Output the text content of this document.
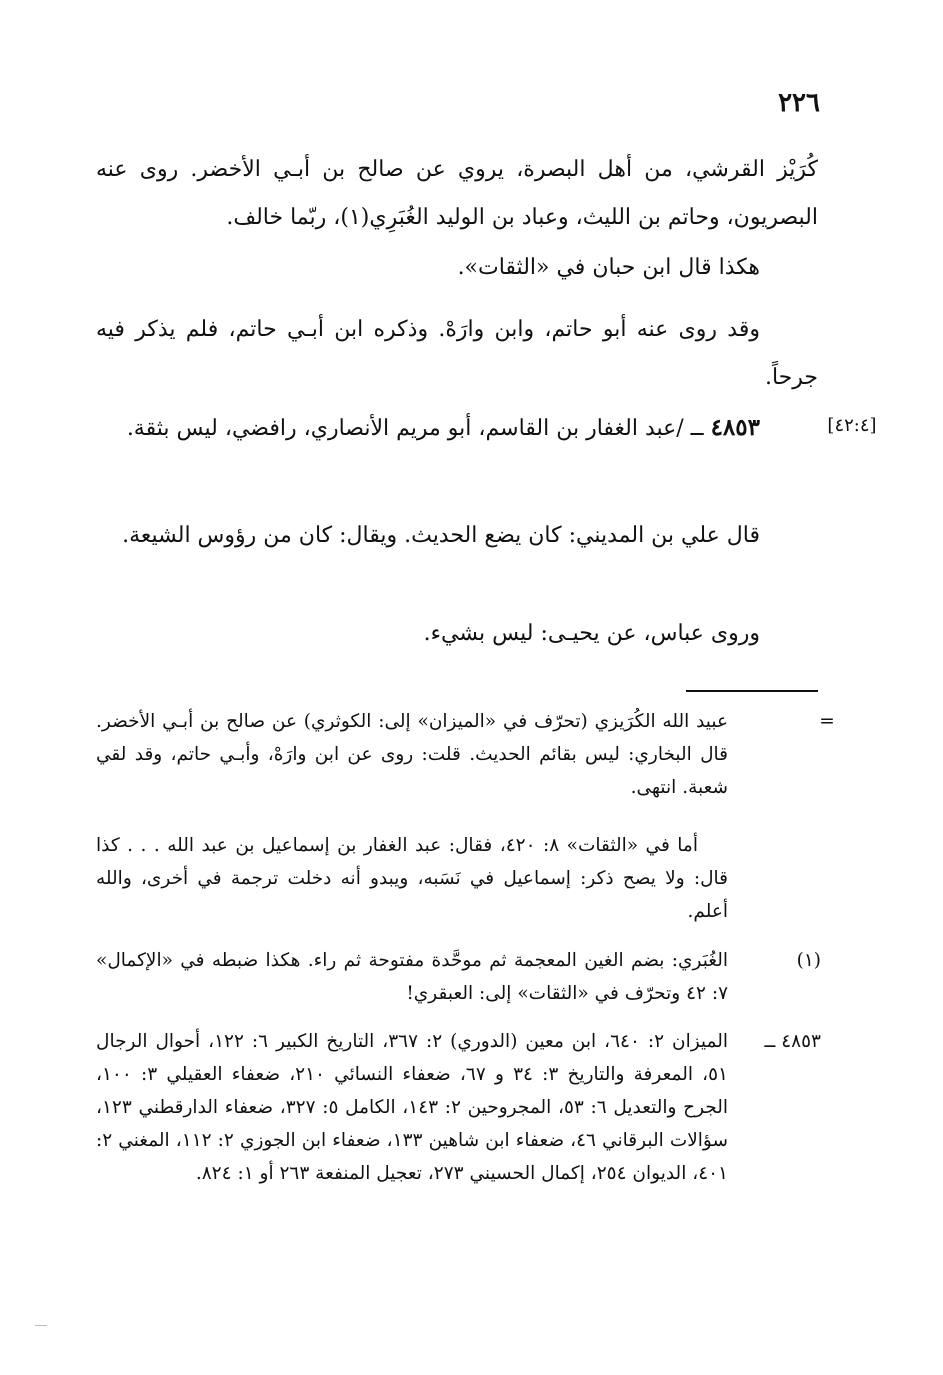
٢٢٦
كُرَيْز القرشي، من أهل البصرة، يروي عن صالح بن أبـي الأخضر. روى عنه البصريون، وحاتم بن الليث، وعباد بن الوليد الغُبَرِي(١)، ربّما خالف.
هكذا قال ابن حبان في «الثقات».
وقد روى عنه أبو حاتم، وابن وارَهْ. وذكره ابن أبـي حاتم، فلم يذكر فيه جرحاً.
[٤٢:٤]
٤٨٥٣ ــ /عبد الغفار بن القاسم، أبو مريم الأنصاري، رافضي، ليس بثقة.
قال علي بن المديني: كان يضع الحديث. ويقال: كان من رؤوس الشيعة.
وروى عباس، عن يحيـى: ليس بشيء.
=
عبيد الله الكُرَيزي (تحرّف في «الميزان» إلى: الكوثري) عن صالح بن أبـي الأخضر. قال البخاري: ليس بقائم الحديث. قلت: روى عن ابن وارَهْ، وأبـي حاتم، وقد لقي شعبة. انتهى.
أما في «الثقات» ٨: ٤٢٠، فقال: عبد الغفار بن إسماعيل بن عبد الله . . . كذا قال: ولا يصح ذكر: إسماعيل في نَسَبه، ويبدو أنه دخلت ترجمة في أخرى، والله أعلم.
(١)
الغُبَري: بضم الغين المعجمة ثم موحَّدة مفتوحة ثم راء. هكذا ضبطه في «الإكمال» ٧: ٤٢ وتحرّف في «الثقات» إلى: العبقري!
٤٨٥٣ ــ
الميزان ٢: ٦٤٠، ابن معين (الدوري) ٢: ٣٦٧، التاريخ الكبير ٦: ١٢٢، أحوال الرجال ٥١، المعرفة والتاريخ ٣: ٣٤ و ٦٧، ضعفاء النسائي ٢١٠، ضعفاء العقيلي ٣: ١٠٠، الجرح والتعديل ٦: ٥٣، المجروحين ٢: ١٤٣، الكامل ٥: ٣٢٧، ضعفاء الدارقطني ١٢٣، سؤالات البرقاني ٤٦، ضعفاء ابن شاهين ١٣٣، ضعفاء ابن الجوزي ٢: ١١٢، المغني ٢: ٤٠١، الديوان ٢٥٤، إكمال الحسيني ٢٧٣، تعجيل المنفعة ٢٦٣ أو ١: ٨٢٤.
